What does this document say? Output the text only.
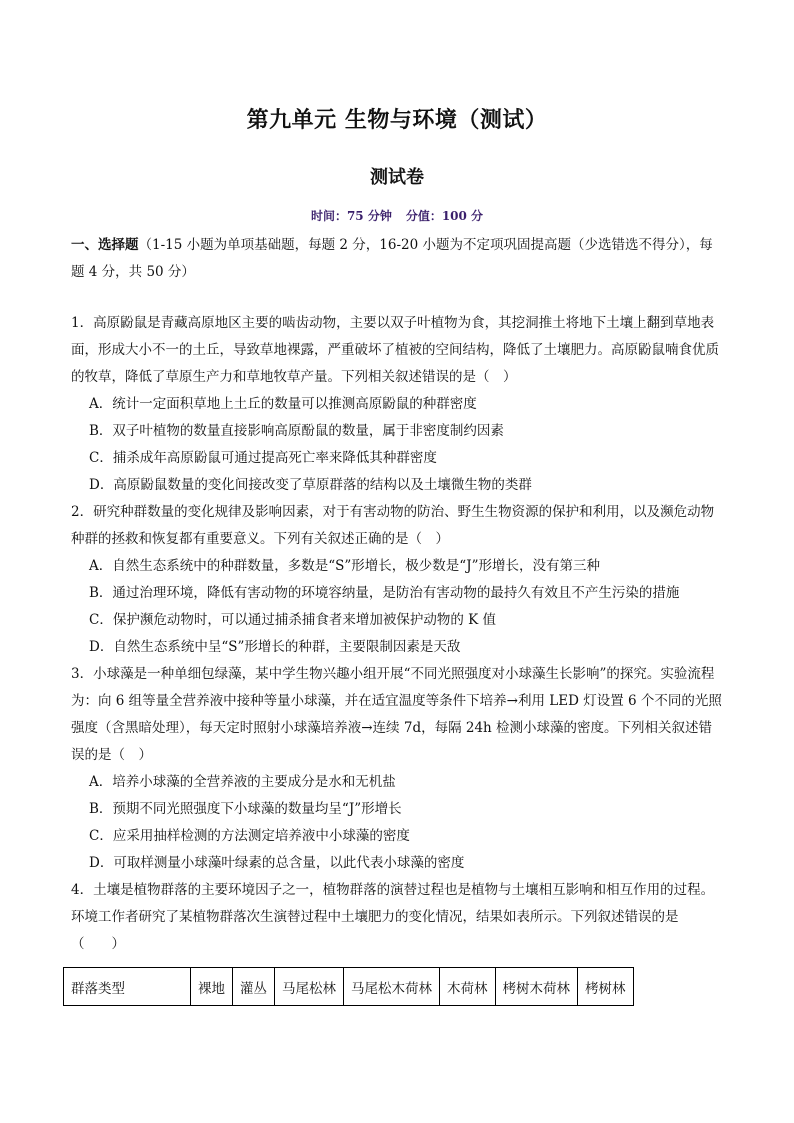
第九单元 生物与环境（测试）
测试卷
时间：75 分钟 分值：100 分
一、选择题（1-15 小题为单项基础题，每题 2 分，16-20 小题为不定项巩固提高题（少选错选不得分），每题 4 分，共 50 分）

1．高原鼢鼠是青藏高原地区主要的啮齿动物，主要以双子叶植物为食，其挖洞推土将地下土壤上翻到草地表面，形成大小不一的土丘，导致草地裸露，严重破坏了植被的空间结构，降低了土壤肥力。高原鼢鼠喃食优质的牧草，降低了草原生产力和草地牧草产量。下列相关叙述错误的是（　）

A．统计一定面积草地上土丘的数量可以推测高原鼢鼠的种群密度

B．双子叶植物的数量直接影响高原酚鼠的数量，属于非密度制约因素

C．捕杀成年高原鼢鼠可通过提高死亡率来降低其种群密度

D．高原鼢鼠数量的变化间接改变了草原群落的结构以及土壤微生物的类群

2．研究种群数量的变化规律及影响因素，对于有害动物的防治、野生生物资源的保护和利用，以及濒危动物种群的拯救和恢复都有重要意义。下列有关叙述正确的是（　）

A．自然生态系统中的种群数量，多数是“S”形增长，极少数是“J”形增长，没有第三种

B．通过治理环境，降低有害动物的环境容纳量，是防治有害动物的最持久有效且不产生污染的措施

C．保护濒危动物时，可以通过捕杀捕食者来增加被保护动物的 K 值

D．自然生态系统中呈“S”形增长的种群，主要限制因素是天敌

3．小球藻是一种单细包绿藻，某中学生物兴趣小组开展“不同光照强度对小球藻生长影响”的探究。实验流程为：向 6 组等量全营养液中接种等量小球藻，并在适宜温度等条件下培养→利用 LED 灯设置 6 个不同的光照强度（含黑暗处理），每天定时照射小球藻培养液→连续 7d，每隔 24h 检测小球藻的密度。下列相关叙述错误的是（　）

A．培养小球藻的全营养液的主要成分是水和无机盐

B．预期不同光照强度下小球藻的数量均呈“J”形增长

C．应采用抽样检测的方法测定培养液中小球藻的密度

D．可取样测量小球藻叶绿素的总含量，以此代表小球藻的密度

4．土壤是植物群落的主要环境因子之一，植物群落的演替过程也是植物与土壤相互影响和相互作用的过程。环境工作者研究了某植物群落次生演替过程中土壤肥力的变化情况，结果如表所示。下列叙述错误的是（　　）

群落类型	裸地	灌丛	马尾松林	马尾松木荷林	木荷林	栲树木荷林	栲树林
